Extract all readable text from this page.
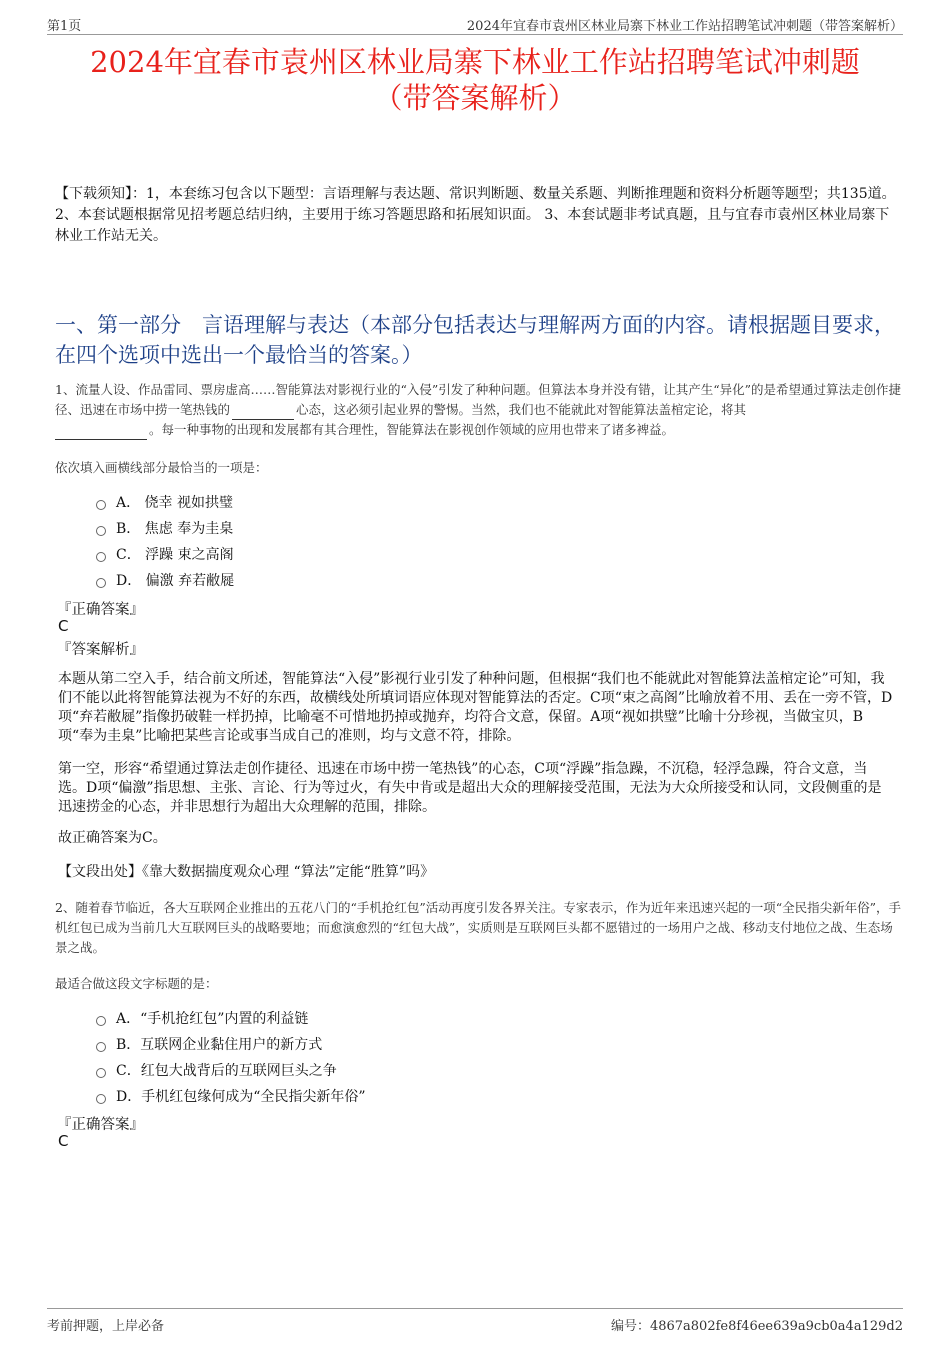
第1页	2024年宜春市袁州区林业局寨下林业工作站招聘笔试冲刺题（带答案解析）
2024年宜春市袁州区林业局寨下林业工作站招聘笔试冲刺题
（带答案解析）
【下载须知】：1，本套练习包含以下题型：言语理解与表达题、常识判断题、数量关系题、判断推理题和资料分析题等题型；共135道。 2、本套试题根据常见招考题总结归纳，主要用于练习答题思路和拓展知识面。 3、本套试题非考试真题，且与宜春市袁州区林业局寨下林业工作站无关。
一、第一部分　言语理解与表达（本部分包括表达与理解两方面的内容。请根据题目要求，在四个选项中选出一个最恰当的答案。）
1、流量人设、作品雷同、票房虚高……智能算法对影视行业的“入侵”引发了种种问题。但算法本身并没有错，让其产生“异化”的是希望通过算法走创作捷径、迅速在市场中捞一笔热钱的	心态，这必须引起业界的警惕。当然，我们也不能就此对智能算法盖棺定论，将其
。每一种事物的出现和发展都有其合理性，智能算法在影视创作领域的应用也带来了诸多裨益。
依次填入画横线部分最恰当的一项是：
A． 侥幸 视如拱璧
B． 焦虑 奉为圭臬
C． 浮躁 束之高阁
D． 偏激 弃若敝屣
『正确答案』
C
『答案解析』
本题从第二空入手，结合前文所述，智能算法“入侵”影视行业引发了种种问题，但根据“我们也不能就此对智能算法盖棺定论”可知，我们不能以此将智能算法视为不好的东西，故横线处所填词语应体现对智能算法的否定。C项“束之高阁”比喻放着不用、丢在一旁不管，D项“弃若敝屣”指像扔破鞋一样扔掉，比喻毫不可惜地扔掉或抛弃，均符合文意，保留。A项“视如拱璧”比喻十分珍视，当做宝贝，B项“奉为圭臬”比喻把某些言论或事当成自己的准则，均与文意不符，排除。
第一空，形容“希望通过算法走创作捷径、迅速在市场中捞一笔热钱”的心态，C项“浮躁”指急躁，不沉稳，轻浮急躁，符合文意，当选。D项“偏激”指思想、主张、言论、行为等过火，有失中肯或是超出大众的理解接受范围，无法为大众所接受和认同，文段侧重的是迅速捞金的心态，并非思想行为超出大众理解的范围，排除。
故正确答案为C。
【文段出处】《靠大数据揣度观众心理 “算法”定能“胜算”吗》
2、随着春节临近，各大互联网企业推出的五花八门的“手机抢红包”活动再度引发各界关注。专家表示，作为近年来迅速兴起的一项“全民指尖新年俗”，手机红包已成为当前几大互联网巨头的战略要地；而愈演愈烈的“红包大战”，实质则是互联网巨头都不愿错过的一场用户之战、移动支付地位之战、生态场景之战。
最适合做这段文字标题的是：
A．“手机抢红包”内置的利益链
B．互联网企业黏住用户的新方式
C．红包大战背后的互联网巨头之争
D．手机红包缘何成为“全民指尖新年俗”
『正确答案』
C
考前押题，上岸必备	编号：4867a802fe8f46ee639a9cb0a4a129d2
